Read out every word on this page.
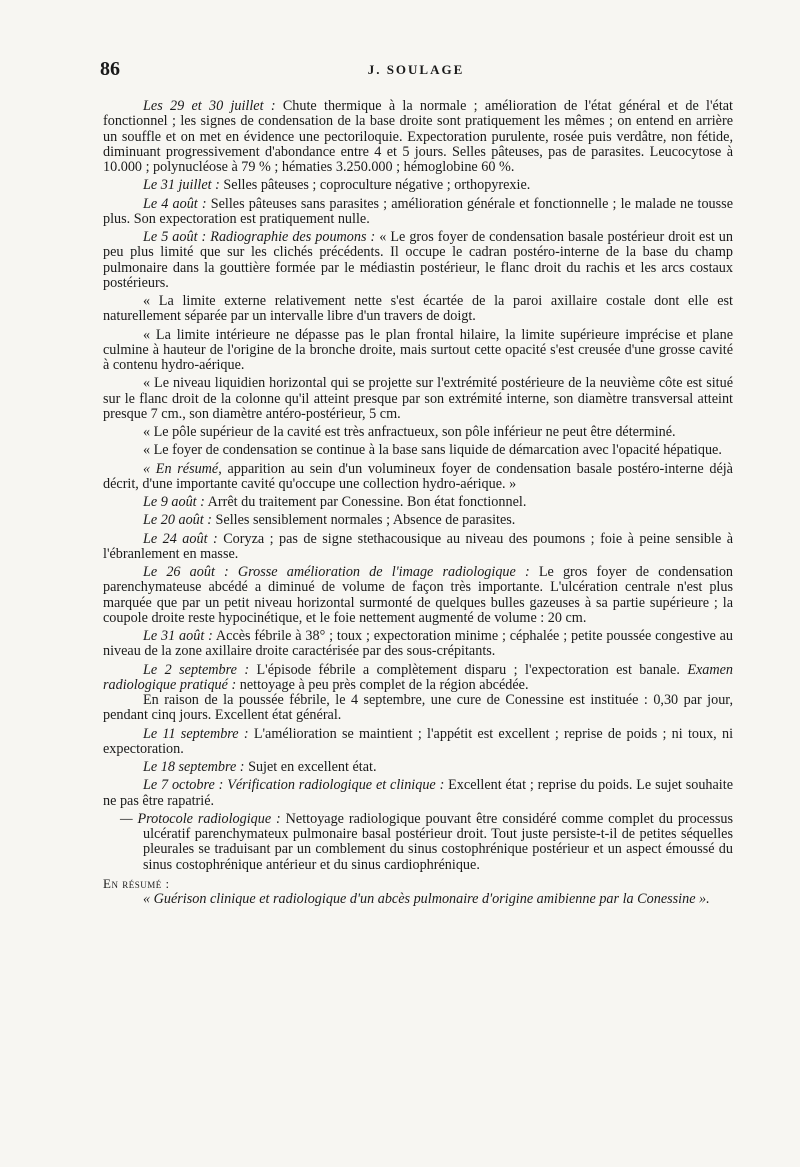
86	J. SOULAGE

Les 29 et 30 juillet : Chute thermique à la normale ; amélioration de l'état général et de l'état fonctionnel ; les signes de condensation de la base droite sont pratiquement les mêmes ; on entend en arrière un souffle et on met en évidence une pectoriloquie. Expectoration purulente, rosée puis verdâtre, non fétide, diminuant progressivement d'abondance entre 4 et 5 jours. Selles pâteuses, pas de parasites. Leucocytose à 10.000 ; polynucléose à 79 % ; hématies 3.250.000 ; hémoglobine 60 %.

Le 31 juillet : Selles pâteuses ; coproculture négative ; orthopyrexie.

Le 4 août : Selles pâteuses sans parasites ; amélioration générale et fonctionnelle ; le malade ne tousse plus. Son expectoration est pratiquement nulle.

Le 5 août : Radiographie des poumons : « Le gros foyer de condensation basale postérieur droit est un peu plus limité que sur les clichés précédents. Il occupe le cadran postéro-interne de la base du champ pulmonaire dans la gouttière formée par le médiastin postérieur, le flanc droit du rachis et les arcs costaux postérieurs.

« La limite externe relativement nette s'est écartée de la paroi axillaire costale dont elle est naturellement séparée par un intervalle libre d'un travers de doigt.

« La limite intérieure ne dépasse pas le plan frontal hilaire, la limite supérieure imprécise et plane culmine à hauteur de l'origine de la bronche droite, mais surtout cette opacité s'est creusée d'une grosse cavité à contenu hydro-aérique.

« Le niveau liquidien horizontal qui se projette sur l'extrémité postérieure de la neuvième côte est situé sur le flanc droit de la colonne qu'il atteint presque par son extrémité interne, son diamètre transversal atteint presque 7 cm., son diamètre antéro-postérieur, 5 cm.

« Le pôle supérieur de la cavité est très anfractueux, son pôle inférieur ne peut être déterminé.

« Le foyer de condensation se continue à la base sans liquide de démarcation avec l'opacité hépatique.

« En résumé, apparition au sein d'un volumineux foyer de condensation basale postéro-interne déjà décrit, d'une importante cavité qu'occupe une collection hydro-aérique. »

Le 9 août : Arrêt du traitement par Conessine. Bon état fonctionnel.

Le 20 août : Selles sensiblement normales ; Absence de parasites.

Le 24 août : Coryza ; pas de signe stethacousique au niveau des poumons ; foie à peine sensible à l'ébranlement en masse.

Le 26 août : Grosse amélioration de l'image radiologique : Le gros foyer de condensation parenchymateuse abcédé a diminué de volume de façon très importante. L'ulcération centrale n'est plus marquée que par un petit niveau horizontal surmonté de quelques bulles gazeuses à sa partie supérieure ; la coupole droite reste hypocinétique, et le foie nettement augmenté de volume : 20 cm.

Le 31 août : Accès fébrile à 38° ; toux ; expectoration minime ; céphalée ; petite poussée congestive au niveau de la zone axillaire droite caractérisée par des sous-crépitants.

Le 2 septembre : L'épisode fébrile a complètement disparu ; l'expectoration est banale. Examen radiologique pratiqué : nettoyage à peu près complet de la région abcédée.

En raison de la poussée fébrile, le 4 septembre, une cure de Conessine est instituée : 0,30 par jour, pendant cinq jours. Excellent état général.

Le 11 septembre : L'amélioration se maintient ; l'appétit est excellent ; reprise de poids ; ni toux, ni expectoration.

Le 18 septembre : Sujet en excellent état.

Le 7 octobre : Vérification radiologique et clinique : Excellent état ; reprise du poids. Le sujet souhaite ne pas être rapatrié.

— Protocole radiologique : Nettoyage radiologique pouvant être considéré comme complet du processus ulcératif parenchymateux pulmonaire basal postérieur droit. Tout juste persiste-t-il de petites séquelles pleurales se traduisant par un comblement du sinus costophrénique postérieur et un aspect émoussé du sinus costophrénique antérieur et du sinus cardiophrénique.

En résumé :

« Guérison clinique et radiologique d'un abcès pulmonaire d'origine amibienne par la Conessine ».
